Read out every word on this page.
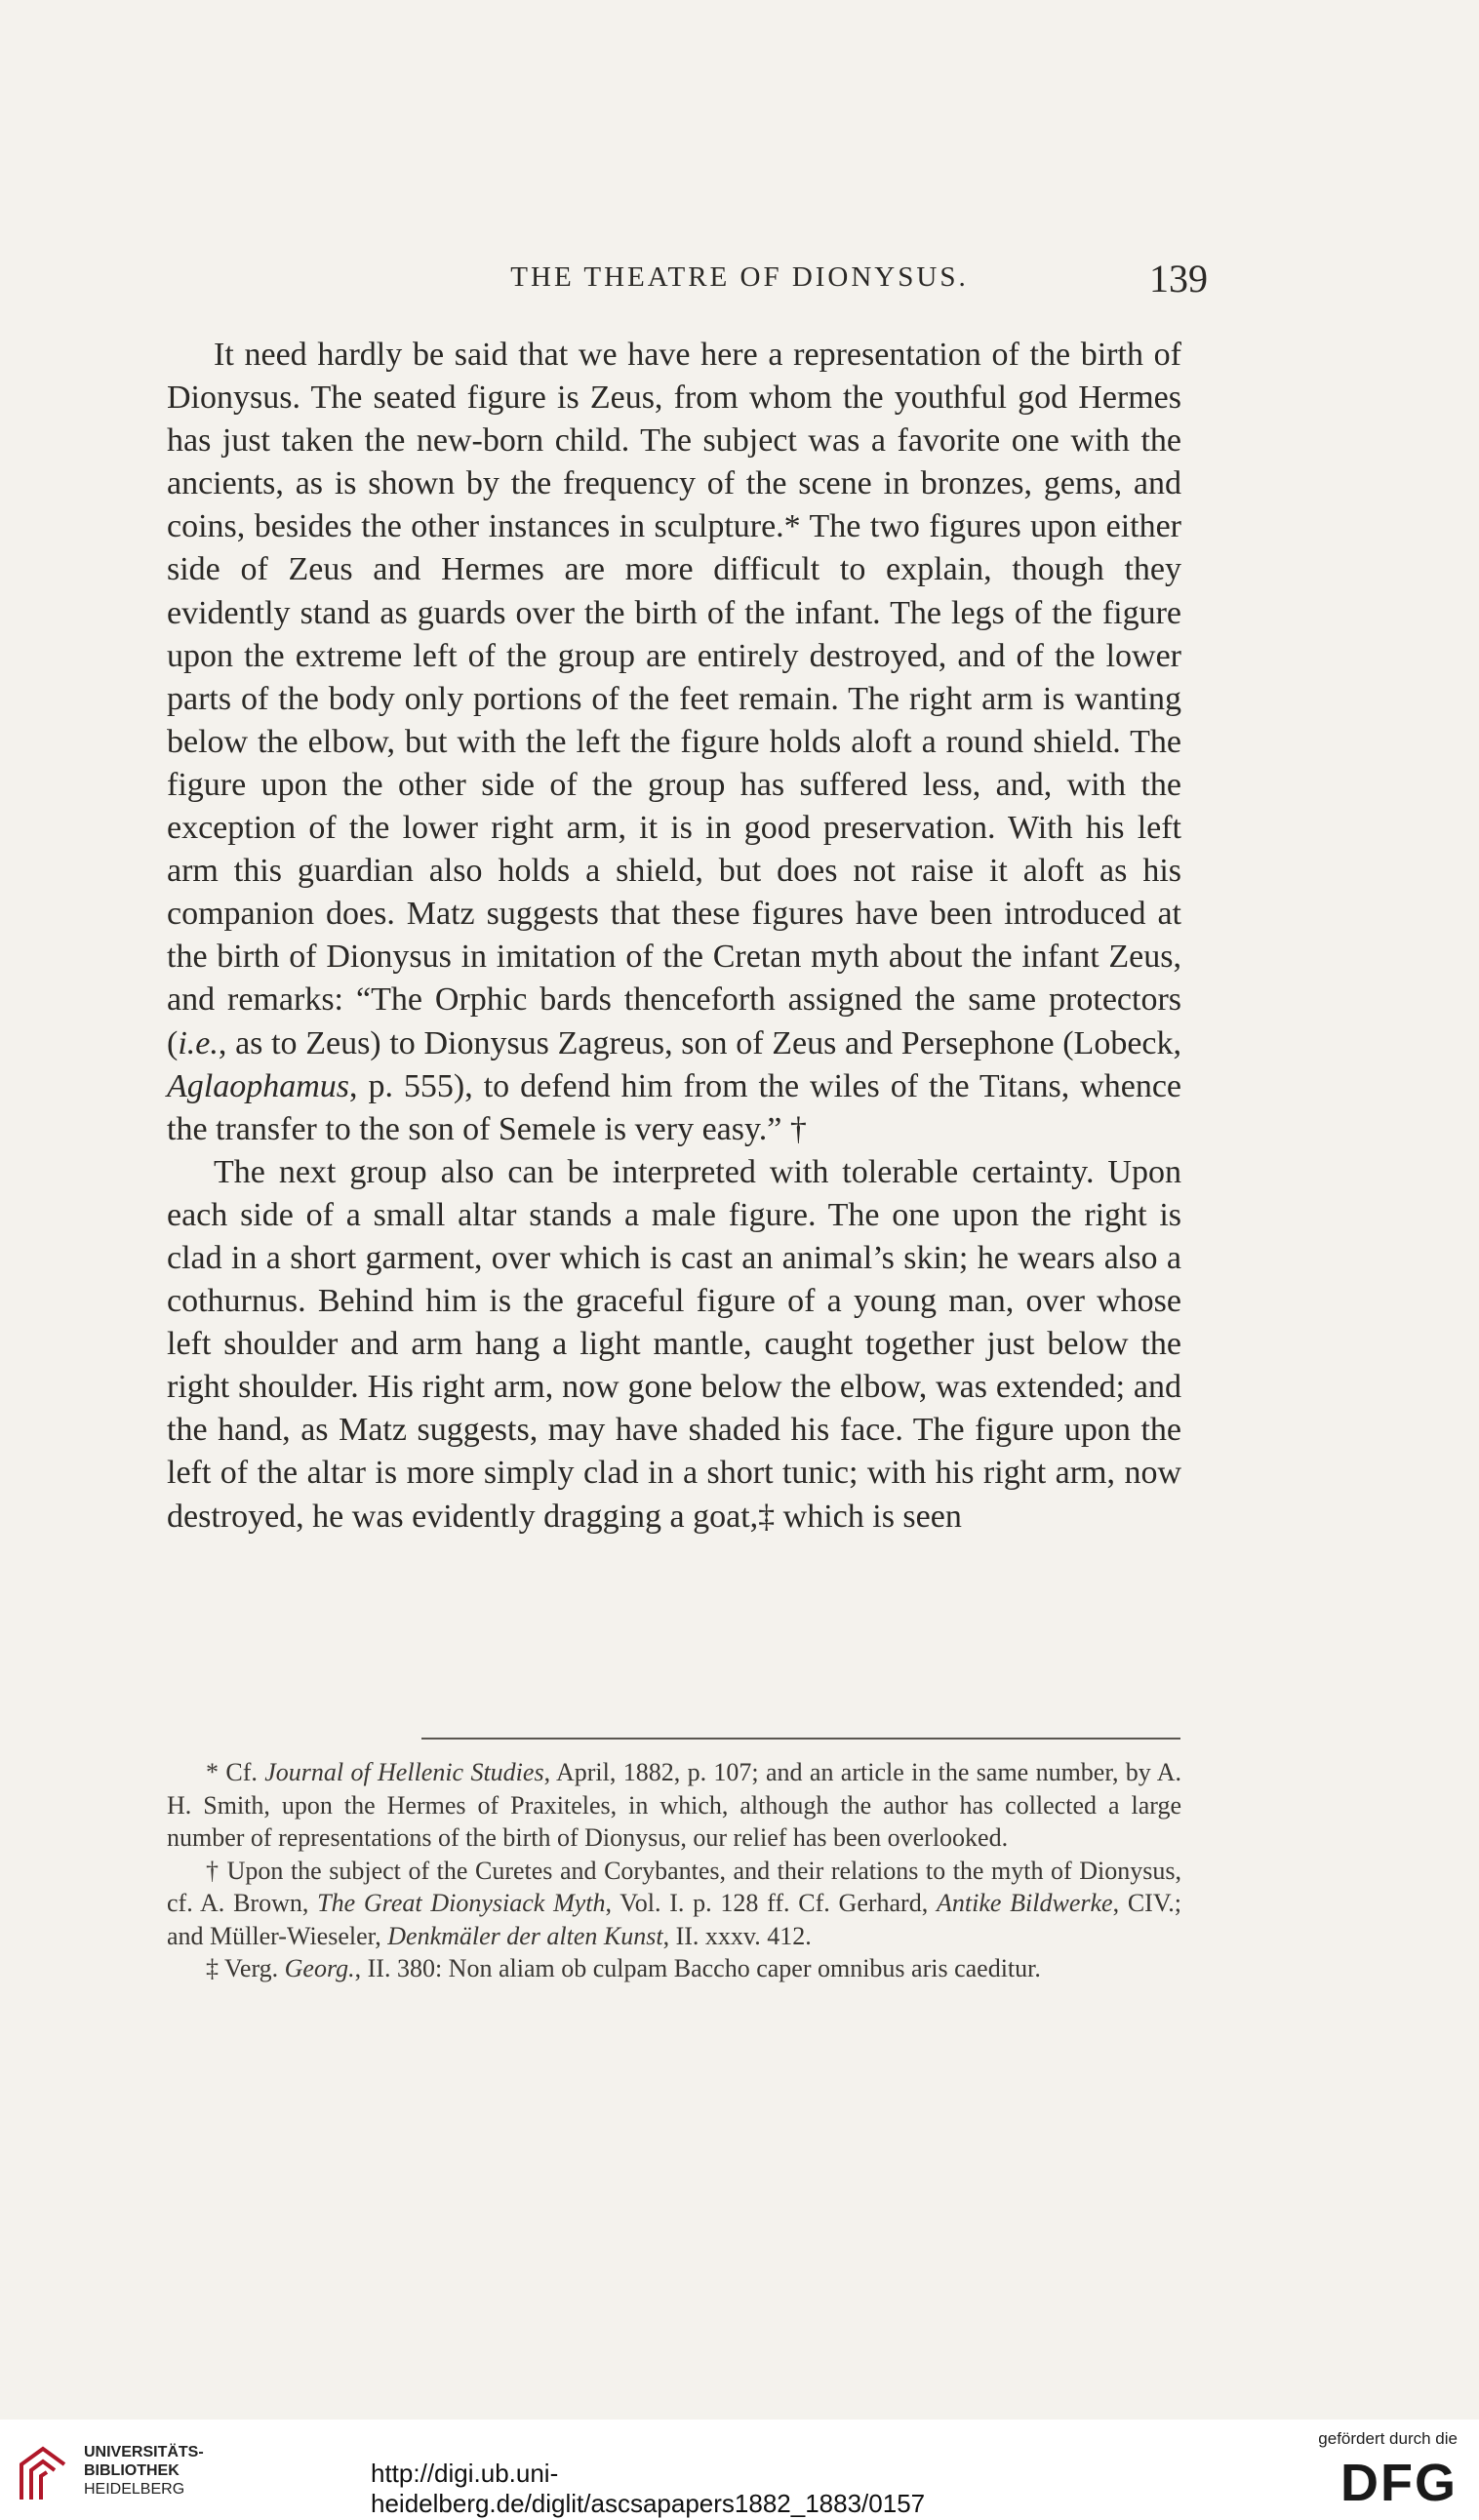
THE THEATRE OF DIONYSUS.	139

It need hardly be said that we have here a representation of the birth of Dionysus. The seated figure is Zeus, from whom the youthful god Hermes has just taken the new-born child. The subject was a favorite one with the ancients, as is shown by the frequency of the scene in bronzes, gems, and coins, besides the other instances in sculpture.* The two figures upon either side of Zeus and Hermes are more difficult to explain, though they evidently stand as guards over the birth of the infant. The legs of the figure upon the extreme left of the group are entirely destroyed, and of the lower parts of the body only portions of the feet remain. The right arm is wanting below the elbow, but with the left the figure holds aloft a round shield. The figure upon the other side of the group has suffered less, and, with the exception of the lower right arm, it is in good preservation. With his left arm this guardian also holds a shield, but does not raise it aloft as his companion does. Matz suggests that these figures have been introduced at the birth of Dionysus in imitation of the Cretan myth about the infant Zeus, and remarks: “The Orphic bards thenceforth assigned the same protectors (i.e., as to Zeus) to Dionysus Zagreus, son of Zeus and Persephone (Lobeck, Aglaophamus, p. 555), to defend him from the wiles of the Titans, whence the transfer to the son of Semele is very easy.” †

The next group also can be interpreted with tolerable certainty. Upon each side of a small altar stands a male figure. The one upon the right is clad in a short garment, over which is cast an animal’s skin; he wears also a cothurnus. Behind him is the graceful figure of a young man, over whose left shoulder and arm hang a light mantle, caught together just below the right shoulder. His right arm, now gone below the elbow, was extended; and the hand, as Matz suggests, may have shaded his face. The figure upon the left of the altar is more simply clad in a short tunic; with his right arm, now destroyed, he was evidently dragging a goat,‡ which is seen

* Cf. Journal of Hellenic Studies, April, 1882, p. 107; and an article in the same number, by A. H. Smith, upon the Hermes of Praxiteles, in which, although the author has collected a large number of representations of the birth of Dionysus, our relief has been overlooked.

† Upon the subject of the Curetes and Corybantes, and their relations to the myth of Dionysus, cf. A. Brown, The Great Dionysiack Myth, Vol. I. p. 128 ff. Cf. Gerhard, Antike Bildwerke, CIV.; and Müller-Wieseler, Denkmäler der alten Kunst, II. xxxv. 412.

‡ Verg. Georg., II. 380: Non aliam ob culpam Baccho caper omnibus aris caeditur.

UNIVERSITÄTS-
BIBLIOTHEK
HEIDELBERG
http://digi.ub.uni-heidelberg.de/diglit/ascsapapers1882_1883/0157
gefördert durch die
DFG
